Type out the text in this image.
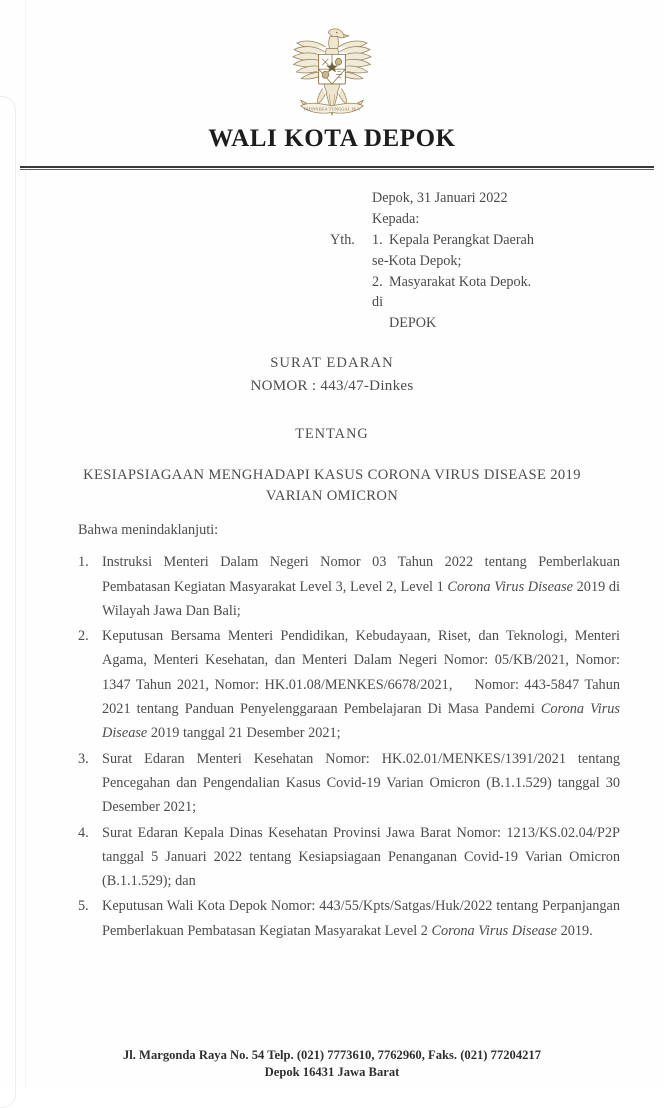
BHINNEKA TUNGGAL IKA
WALI KOTA DEPOK
Depok, 31 Januari 2022
Kepada:
Yth.	1. Kepala Perangkat Daerah
se-Kota Depok;
2. Masyarakat Kota Depok.
di
DEPOK
SURAT EDARAN
NOMOR : 443/47-Dinkes
TENTANG
KESIAPSIAGAAN MENGHADAPI KASUS CORONA VIRUS DISEASE 2019
VARIAN OMICRON
Bahwa menindaklanjuti:
1. Instruksi Menteri Dalam Negeri Nomor 03 Tahun 2022 tentang Pemberlakuan Pembatasan Kegiatan Masyarakat Level 3, Level 2, Level 1 Corona Virus Disease 2019 di Wilayah Jawa Dan Bali;
2. Keputusan Bersama Menteri Pendidikan, Kebudayaan, Riset, dan Teknologi, Menteri Agama, Menteri Kesehatan, dan Menteri Dalam Negeri Nomor: 05/KB/2021, Nomor: 1347 Tahun 2021, Nomor: HK.01.08/MENKES/6678/2021,    Nomor: 443-5847 Tahun 2021 tentang Panduan Penyelenggaraan Pembelajaran Di Masa Pandemi Corona Virus Disease 2019 tanggal 21 Desember 2021;
3. Surat Edaran Menteri Kesehatan Nomor: HK.02.01/MENKES/1391/2021 tentang Pencegahan dan Pengendalian Kasus Covid-19 Varian Omicron (B.1.1.529) tanggal 30 Desember 2021;
4. Surat Edaran Kepala Dinas Kesehatan Provinsi Jawa Barat Nomor: 1213/KS.02.04/P2P tanggal 5 Januari 2022 tentang Kesiapsiagaan Penanganan Covid-19 Varian Omicron (B.1.1.529); dan
5. Keputusan Wali Kota Depok Nomor: 443/55/Kpts/Satgas/Huk/2022 tentang Perpanjangan Pemberlakuan Pembatasan Kegiatan Masyarakat Level 2 Corona Virus Disease 2019.
Jl. Margonda Raya No. 54 Telp. (021) 7773610, 7762960, Faks. (021) 77204217
Depok 16431 Jawa Barat
